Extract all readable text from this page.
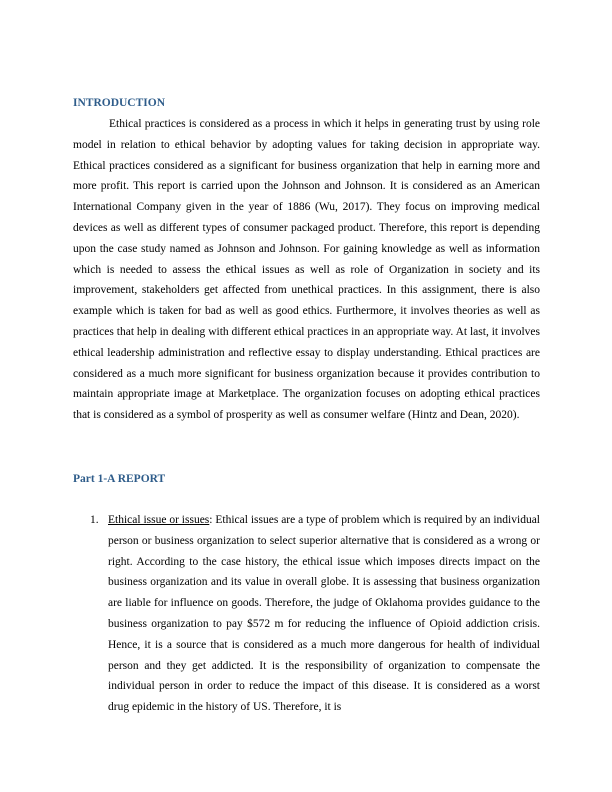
INTRODUCTION

Ethical practices is considered as a process in which it helps in generating trust by using role model in relation to ethical behavior by adopting values for taking decision in appropriate way. Ethical practices considered as a significant for business organization that help in earning more and more profit. This report is carried upon the Johnson and Johnson. It is considered as an American International Company given in the year of 1886 (Wu, 2017). They focus on improving medical devices as well as different types of consumer packaged product. Therefore, this report is depending upon the case study named as Johnson and Johnson. For gaining knowledge as well as information which is needed to assess the ethical issues as well as role of Organization in society and its improvement, stakeholders get affected from unethical practices. In this assignment, there is also example which is taken for bad as well as good ethics. Furthermore, it involves theories as well as practices that help in dealing with different ethical practices in an appropriate way. At last, it involves ethical leadership administration and reflective essay to display understanding. Ethical practices are considered as a much more significant for business organization because it provides contribution to maintain appropriate image at Marketplace. The organization focuses on adopting ethical practices that is considered as a symbol of prosperity as well as consumer welfare (Hintz and Dean, 2020).

Part 1-A REPORT
1. Ethical issue or issues: Ethical issues are a type of problem which is required by an individual person or business organization to select superior alternative that is considered as a wrong or right. According to the case history, the ethical issue which imposes directs impact on the business organization and its value in overall globe. It is assessing that business organization are liable for influence on goods. Therefore, the judge of Oklahoma provides guidance to the business organization to pay $572 m for reducing the influence of Opioid addiction crisis. Hence, it is a source that is considered as a much more dangerous for health of individual person and they get addicted. It is the responsibility of organization to compensate the individual person in order to reduce the impact of this disease. It is considered as a worst drug epidemic in the history of US. Therefore, it is
